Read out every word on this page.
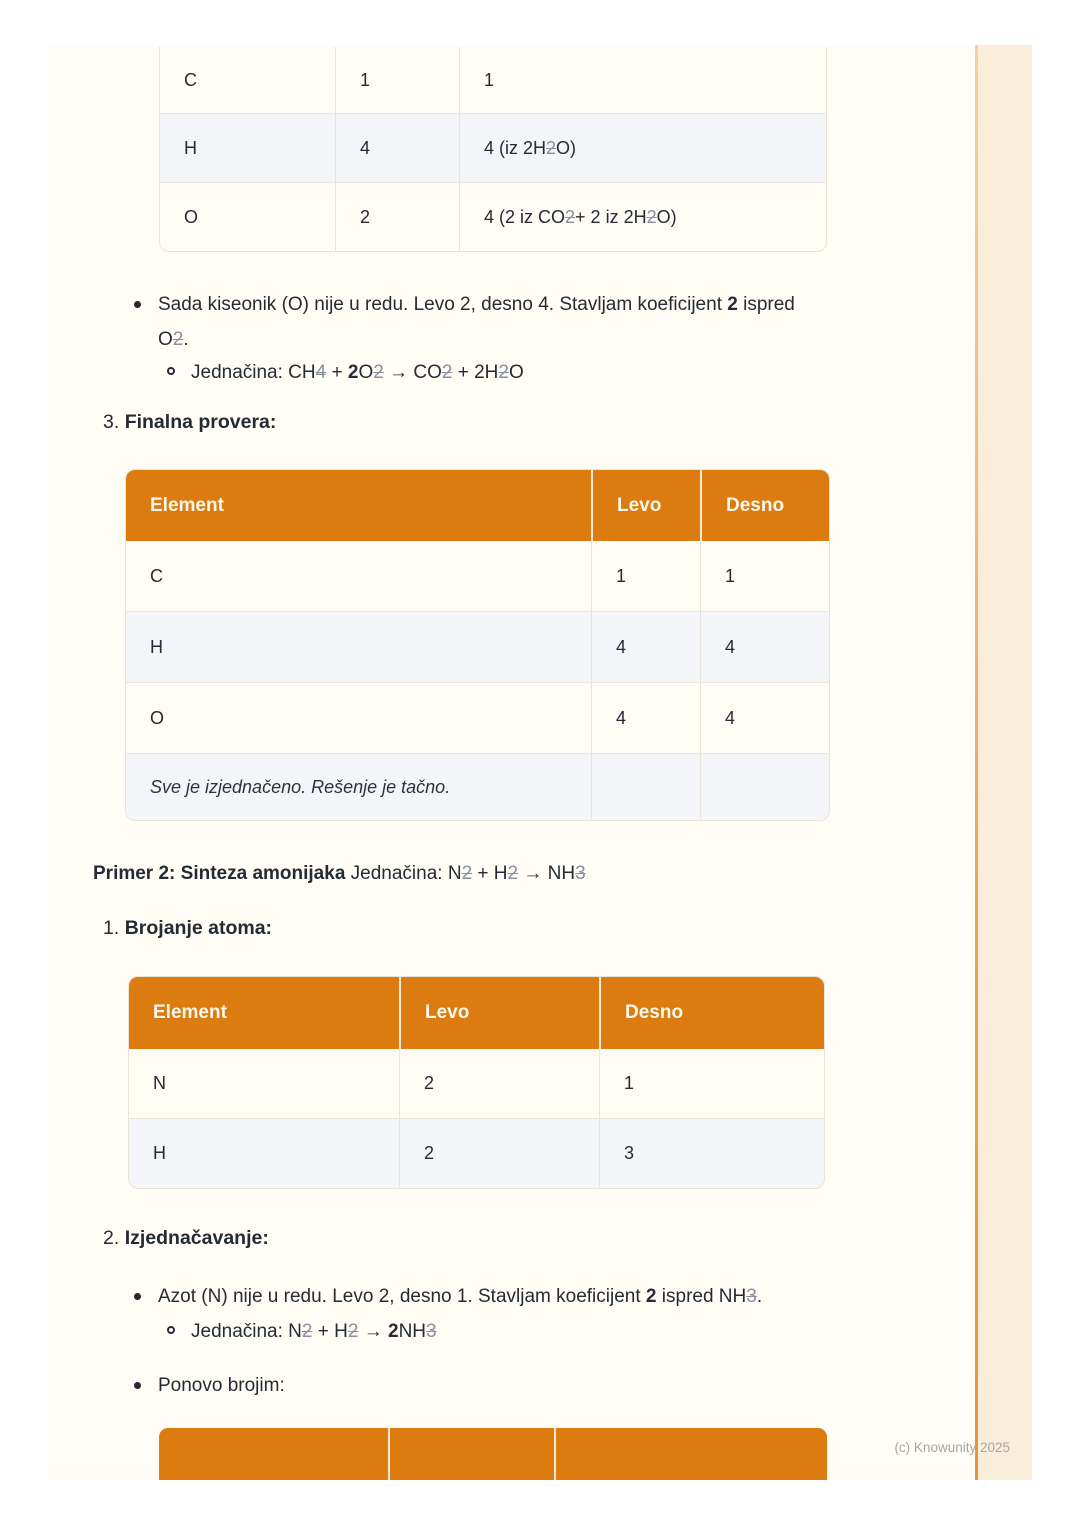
C	1	1
H	4	4 (iz 2H 2 O)
O	2	4 (2 iz CO 2 + 2 iz 2H 2 O)
Sada kiseonik (O) nije u redu. Levo 2, desno 4. Stavljam koeficijent 2 ispred O2.
Jednačina: CH4 + 2O2 → CO2 + 2H2O
3. Finalna provera:
Element	Levo	Desno
C	1	1
H	4	4
O	4	4
Sve je izjednačeno. Rešenje je tačno.
Primer 2: Sinteza amonijaka Jednačina: N2 + H2 → NH3
1. Brojanje atoma:
Element	Levo	Desno
N	2	1
H	2	3
2. Izjednačavanje:
Azot (N) nije u redu. Levo 2, desno 1. Stavljam koeficijent 2 ispred NH3.
Jednačina: N2 + H2 → 2NH3
Ponovo brojim:
(c) Knowunity 2025
